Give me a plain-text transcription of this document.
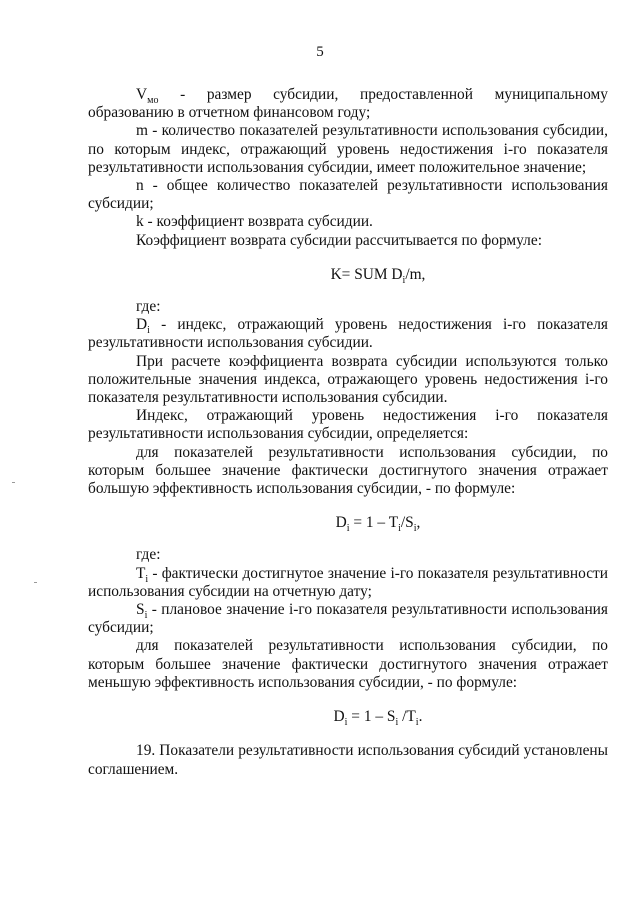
5

$V_{мо}$ - размер субсидии, предоставленной муниципальному образованию в отчетном финансовом году;

m - количество показателей результативности использования субсидии, по которым индекс, отражающий уровень недостижения i-го показателя результативности использования субсидии, имеет положительное значение;

n - общее количество показателей результативности использования субсидии;

k - коэффициент возврата субсидии.

Коэффициент возврата субсидии рассчитывается по формуле:

K= SUM $D_i/m$,

где:

$D_i$ - индекс, отражающий уровень недостижения i-го показателя результативности использования субсидии.

При расчете коэффициента возврата субсидии используются только положительные значения индекса, отражающего уровень недостижения i-го показателя результативности использования субсидии.

Индекс, отражающий уровень недостижения i-го показателя результативности использования субсидии, определяется:

для показателей результативности использования субсидии, по которым большее значение фактически достигнутого значения отражает большую эффективность использования субсидии, - по формуле:

$D_i = 1 - T_i/S_i$,

где:

$T_i$ - фактически достигнутое значение i-го показателя результативности использования субсидии на отчетную дату;

$S_i$ - плановое значение i-го показателя результативности использования субсидии;

для показателей результативности использования субсидии, по которым большее значение фактически достигнутого значения отражает меньшую эффективность использования субсидии, - по формуле:

$D_i = 1 - S_i$ $/T_i$.

19. Показатели результативности использования субсидий установлены соглашением.
